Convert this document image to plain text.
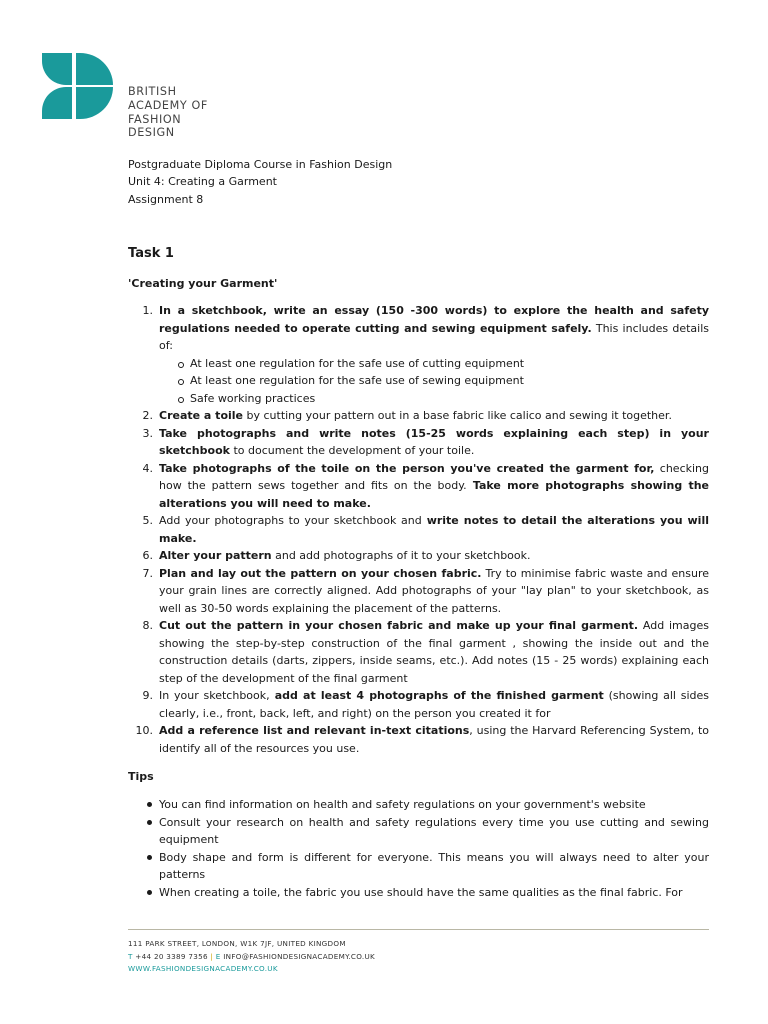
BRITISH
ACADEMY OF
FASHION
DESIGN
Postgraduate Diploma Course in Fashion Design
Unit 4: Creating a Garment
Assignment 8
Task 1
'Creating your Garment'
1. In a sketchbook, write an essay (150 -300 words) to explore the health and safety regulations needed to operate cutting and sewing equipment safely. This includes details of:
At least one regulation for the safe use of cutting equipment
At least one regulation for the safe use of sewing equipment
Safe working practices
2. Create a toile by cutting your pattern out in a base fabric like calico and sewing it together.
3. Take photographs and write notes (15-25 words explaining each step) in your sketchbook to document the development of your toile.
4. Take photographs of the toile on the person you've created the garment for, checking how the pattern sews together and fits on the body. Take more photographs showing the alterations you will need to make.
5. Add your photographs to your sketchbook and write notes to detail the alterations you will make.
6. Alter your pattern and add photographs of it to your sketchbook.
7. Plan and lay out the pattern on your chosen fabric. Try to minimise fabric waste and ensure your grain lines are correctly aligned. Add photographs of your "lay plan" to your sketchbook, as well as 30-50 words explaining the placement of the patterns.
8. Cut out the pattern in your chosen fabric and make up your final garment. Add images showing the step-by-step construction of the final garment , showing the inside out and the construction details (darts, zippers, inside seams, etc.). Add notes (15 - 25 words) explaining each step of the development of the final garment
9. In your sketchbook, add at least 4 photographs of the finished garment (showing all sides clearly, i.e., front, back, left, and right) on the person you created it for
10. Add a reference list and relevant in-text citations, using the Harvard Referencing System, to identify all of the resources you use.
Tips
You can find information on health and safety regulations on your government's website
Consult your research on health and safety regulations every time you use cutting and sewing equipment
Body shape and form is different for everyone. This means you will always need to alter your patterns
When creating a toile, the fabric you use should have the same qualities as the final fabric. For
111 PARK STREET, LONDON, W1K 7JF, UNITED KINGDOM
T +44 20 3389 7356 | E INFO@FASHIONDESIGNACADEMY.CO.UK
WWW.FASHIONDESIGNACADEMY.CO.UK
